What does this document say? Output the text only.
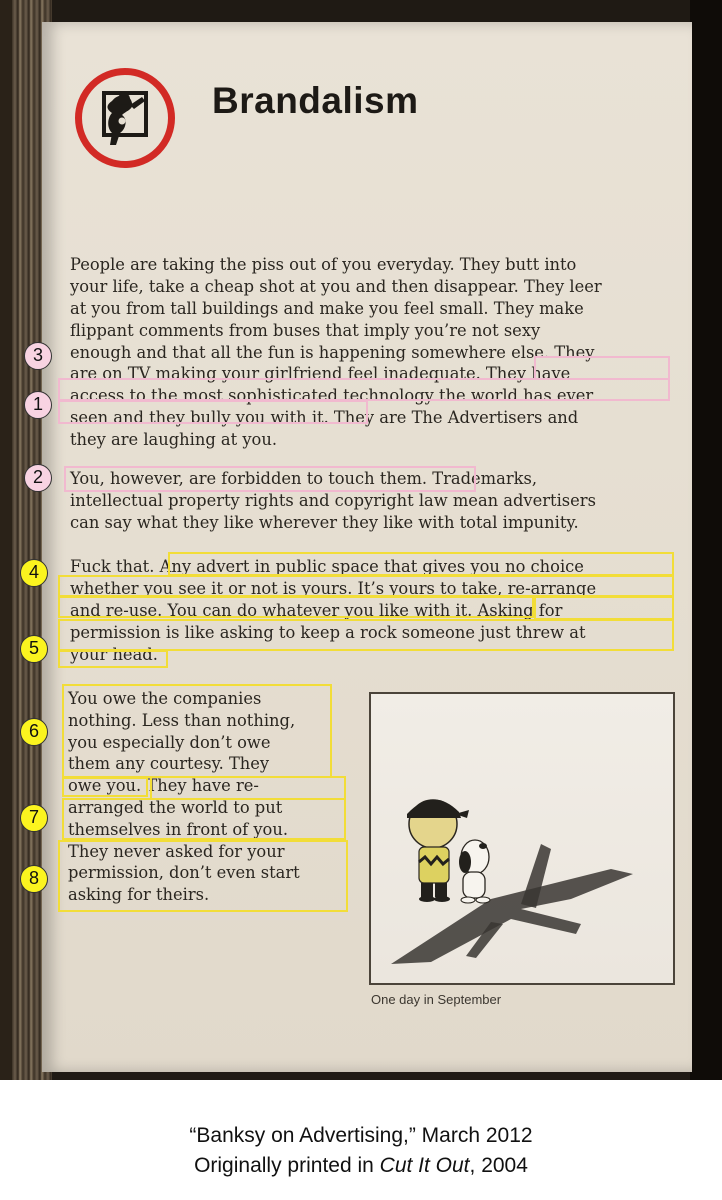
Brandalism
People are taking the piss out of you everyday. They butt into
your life, take a cheap shot at you and then disappear. They leer
at you from tall buildings and make you feel small. They make
flippant comments from buses that imply you’re not sexy
enough and that all the fun is happening somewhere else. They
are on TV making your girlfriend feel inadequate. They have
access to the most sophisticated technology the world has ever
seen and they bully you with it. They are The Advertisers and
they are laughing at you.
You, however, are forbidden to touch them. Trademarks,
intellectual property rights and copyright law mean advertisers
can say what they like wherever they like with total impunity.
Fuck that. Any advert in public space that gives you no choice
whether you see it or not is yours. It’s yours to take, re-arrange
and re-use. You can do whatever you like with it. Asking for
permission is like asking to keep a rock someone just threw at
your head.
You owe the companies
nothing. Less than nothing,
you especially don’t owe
them any courtesy. They
owe you. They have re-
arranged the world to put
themselves in front of you.
They never asked for your
permission, don’t even start
asking for theirs.
3
1
2
4
5
6
7
8
One day in September
“Banksy on Advertising,” March 2012
Originally printed in Cut It Out, 2004
